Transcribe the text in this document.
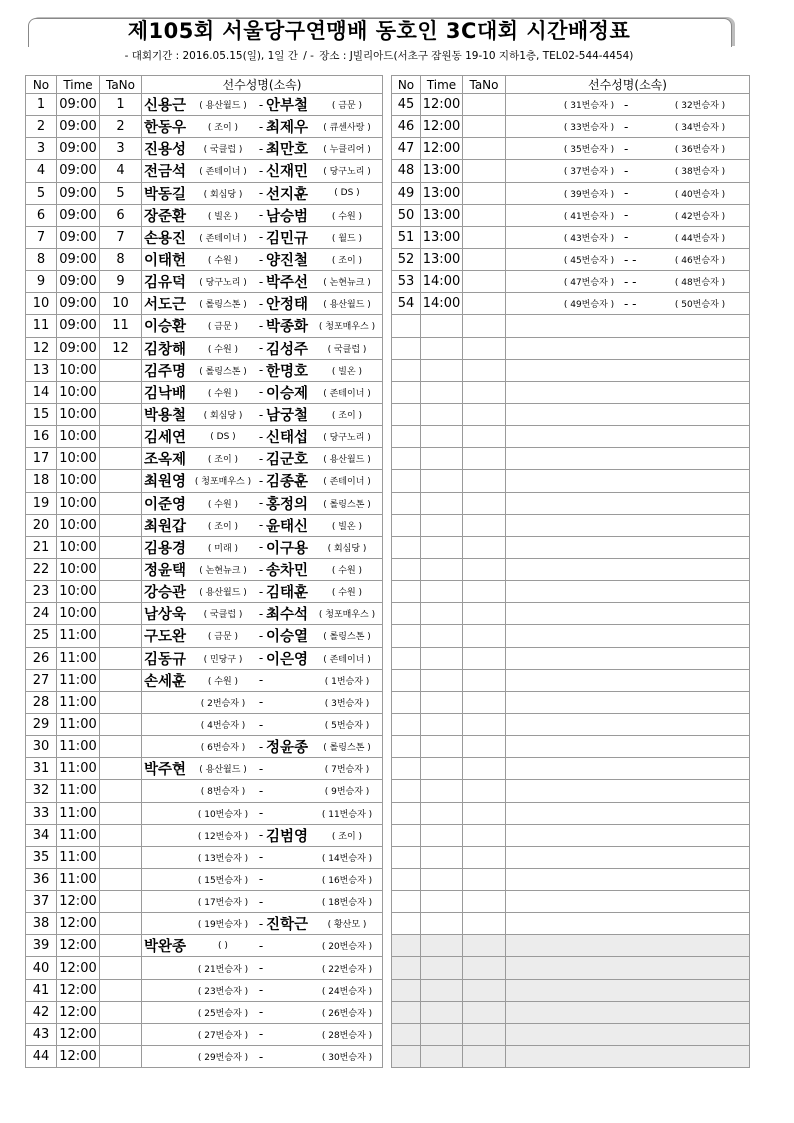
제105회 서울당구연맹배 동호인 3C대회 시간배정표
- 대회기간 : 2016.05.15(일), 1일 간 / - 장소 : J빌리아드(서초구 잠원동 19-10 지하1층, TEL02-544-4454)
No	Time	TaNo	선수성명(소속)
1	09:00	1	신용근 ( 용산월드 ) - 안부철 ( 금문 )

2	09:00	2	한동우 ( 조이 ) - 최제우 ( 큐센사랑 )

3	09:00	3	진용성 ( 국클럽 ) - 최만호 ( 누클리어 )

4	09:00	4	전금석 ( 존테이너 ) - 신재민 ( 당구노리 )

5	09:00	5	박동길 ( 회심당 ) - 선지훈 ( DS )

6	09:00	6	장준환 ( 빌온 ) - 남승범 ( 수원 )

7	09:00	7	손용진 ( 존테이너 ) - 김민규 ( 월드 )

8	09:00	8	이태헌 ( 수원 ) - 양진철 ( 조이 )

9	09:00	9	김유덕 ( 당구노리 ) - 박주선 ( 논현뉴크 )

10	09:00	10	서도근 ( 롤링스톤 ) - 안정태 ( 용산월드 )

11	09:00	11	이승환 ( 금문 ) - 박종화 ( 청포매우스 )

12	09:00	12	김창해 ( 수원 ) - 김성주 ( 국클럽 )

13	10:00		김주명 ( 롤링스톤 ) - 한명호 ( 빌온 )

14	10:00		김낙배 ( 수원 ) - 이승제 ( 존테이너 )

15	10:00		박용철 ( 회심당 ) - 남궁철 ( 조이 )

16	10:00		김세연 ( DS ) - 신태섭 ( 당구노리 )

17	10:00		조옥제 ( 조이 ) - 김군호 ( 용산월드 )

18	10:00		최원영 ( 청포매우스 ) - 김종훈 ( 존테이너 )

19	10:00		이준영 ( 수원 ) - 홍정의 ( 롤링스톤 )

20	10:00		최원갑 ( 조이 ) - 윤태신 ( 빌온 )

21	10:00		김용경 ( 미래 ) - 이구용 ( 회심당 )

22	10:00		정윤택 ( 논현뉴크 ) - 송차민 ( 수원 )

23	10:00		강승관 ( 용산월드 ) - 김태훈 ( 수원 )

24	10:00		남상욱 ( 국클럽 ) - 최수석 ( 청포매우스 )

25	11:00		구도완 ( 금문 ) - 이승열 ( 롤링스톤 )

26	11:00		김동규 ( 민당구 ) - 이은영 ( 존테이너 )

27	11:00		손세훈 ( 수원 ) - ( 1번승자 )

28	11:00		( 2번승자 ) - ( 3번승자 )

29	11:00		( 4번승자 ) - ( 5번승자 )

30	11:00		( 6번승자 ) - 정윤종 ( 롤링스톤 )

31	11:00		박주현 ( 용산월드 ) - ( 7번승자 )

32	11:00		( 8번승자 ) - ( 9번승자 )

33	11:00		( 10번승자 ) - ( 11번승자 )

34	11:00		( 12번승자 ) - 김범영 ( 조이 )

35	11:00		( 13번승자 ) - ( 14번승자 )

36	11:00		( 15번승자 ) - ( 16번승자 )

37	12:00		( 17번승자 ) - ( 18번승자 )

38	12:00		( 19번승자 ) - 진학근 ( 황산모 )

39	12:00		박완종 ( ) - ( 20번승자 )

40	12:00		( 21번승자 ) - ( 22번승자 )

41	12:00		( 23번승자 ) - ( 24번승자 )

42	12:00		( 25번승자 ) - ( 26번승자 )

43	12:00		( 27번승자 ) - ( 28번승자 )

44	12:00		( 29번승자 ) - ( 30번승자 )
No	Time	TaNo	선수성명(소속)
45	12:00		( 31번승자 ) - ( 32번승자 )

46	12:00		( 33번승자 ) - ( 34번승자 )

47	12:00		( 35번승자 ) - ( 36번승자 )

48	13:00		( 37번승자 ) - ( 38번승자 )

49	13:00		( 39번승자 ) - ( 40번승자 )

50	13:00		( 41번승자 ) - ( 42번승자 )

51	13:00		( 43번승자 ) - ( 44번승자 )

52	13:00		( 45번승자 ) - - ( 46번승자 )

53	14:00		( 47번승자 ) - - ( 48번승자 )

54	14:00		( 49번승자 ) - - ( 50번승자 )
